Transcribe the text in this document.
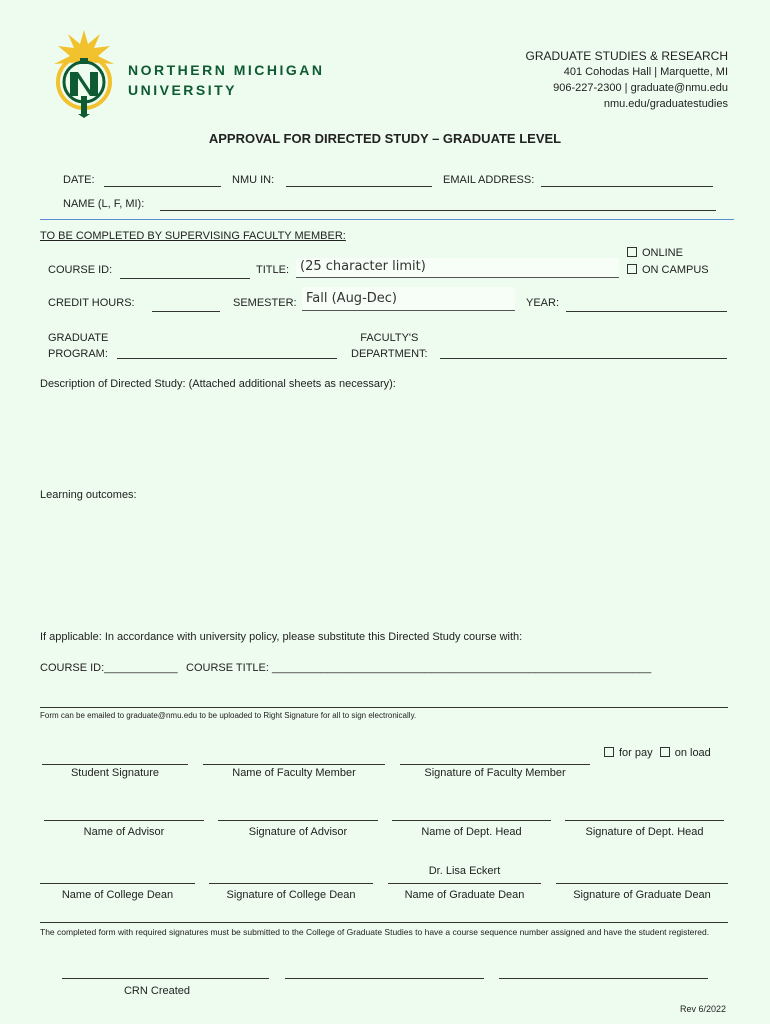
NORTHERN MICHIGAN
UNIVERSITY
GRADUATE STUDIES & RESEARCH
401 Cohodas Hall | Marquette, MI
906-227-2300 | graduate@nmu.edu
nmu.edu/graduatestudies
APPROVAL FOR DIRECTED STUDY – GRADUATE LEVEL
DATE:	NMU IN:	EMAIL ADDRESS:
NAME (L, F, MI):
TO BE COMPLETED BY SUPERVISING FACULTY MEMBER:
ONLINE
ON CAMPUS
COURSE ID:	TITLE: (25 character limit)
CREDIT HOURS:	SEMESTER: Fall (Aug-Dec)	YEAR:
GRADUATE
PROGRAM:
FACULTY'S
DEPARTMENT:
Description of Directed Study: (Attached additional sheets as necessary):
Learning outcomes:
If applicable: In accordance with university policy, please substitute this Directed Study course with:
COURSE ID:____________ COURSE TITLE: ______________________________________________________________
Form can be emailed to graduate@nmu.edu to be uploaded to Right Signature for all to sign electronically.
for pay on load
Student Signature	Name of Faculty Member	Signature of Faculty Member
Name of Advisor	Signature of Advisor	Name of Dept. Head	Signature of Dept. Head
Dr. Lisa Eckert
Name of College Dean	Signature of College Dean	Name of Graduate Dean	Signature of Graduate Dean
The completed form with required signatures must be submitted to the College of Graduate Studies to have a course sequence number assigned and have the student registered.
CRN Created
Rev 6/2022
